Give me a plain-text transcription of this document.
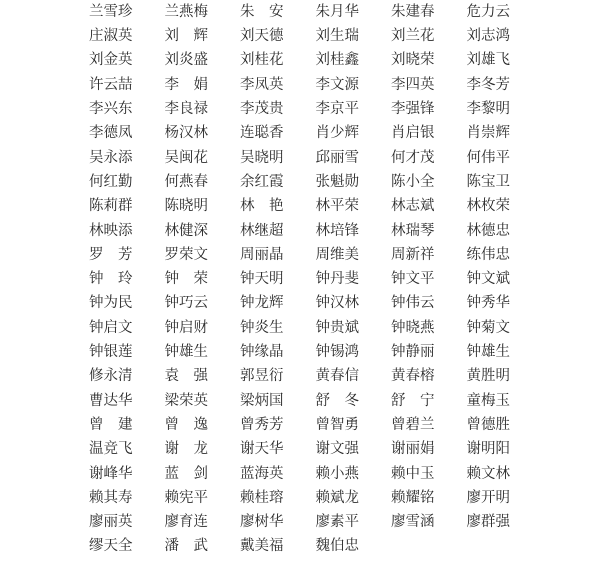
兰雪珍	兰燕梅	朱　安	朱月华	朱建春	危力云
庄淑英	刘　辉	刘天德	刘生瑞	刘兰花	刘志鸿
刘金英	刘炎盛	刘桂花	刘桂鑫	刘晓荣	刘雄飞
许云喆	李　娟	李凤英	李文源	李四英	李冬芳
李兴东	李良禄	李茂贵	李京平	李强锋	李黎明
李德凤	杨汉林	连聪香	肖少辉	肖启银	肖崇辉
吴永添	吴闽花	吴晓明	邱丽雪	何才茂	何伟平
何红勤	何燕春	余红霞	张魁勋	陈小全	陈宝卫
陈莉群	陈晓明	林　艳	林平荣	林志斌	林枚荣
林映添	林健深	林继超	林培锋	林瑞琴	林德忠
罗　芳	罗荣文	周丽晶	周维美	周新祥	练伟忠
钟　玲	钟　荣	钟天明	钟丹斐	钟文平	钟文斌
钟为民	钟巧云	钟龙辉	钟汉林	钟伟云	钟秀华
钟启文	钟启财	钟炎生	钟贵斌	钟晓燕	钟菊文
钟银莲	钟雄生	钟缘晶	钟锡鸿	钟静丽	钟雄生
修永清	袁　强	郭昱衍	黄春信	黄春榕	黄胜明
曹达华	梁荣英	梁炳国	舒　冬	舒　宁	童梅玉
曾　建	曾　逸	曾秀芳	曾智勇	曾碧兰	曾德胜
温竞飞	谢　龙	谢天华	谢文强	谢丽娟	谢明阳
谢峰华	蓝　剑	蓝海英	赖小燕	赖中玉	赖文林
赖其寿	赖宪平	赖桂瑢	赖斌龙	赖耀铭	廖开明
廖丽英	廖育连	廖树华	廖素平	廖雪涵	廖群强
缪天全	潘　武	戴美福	魏伯忠
